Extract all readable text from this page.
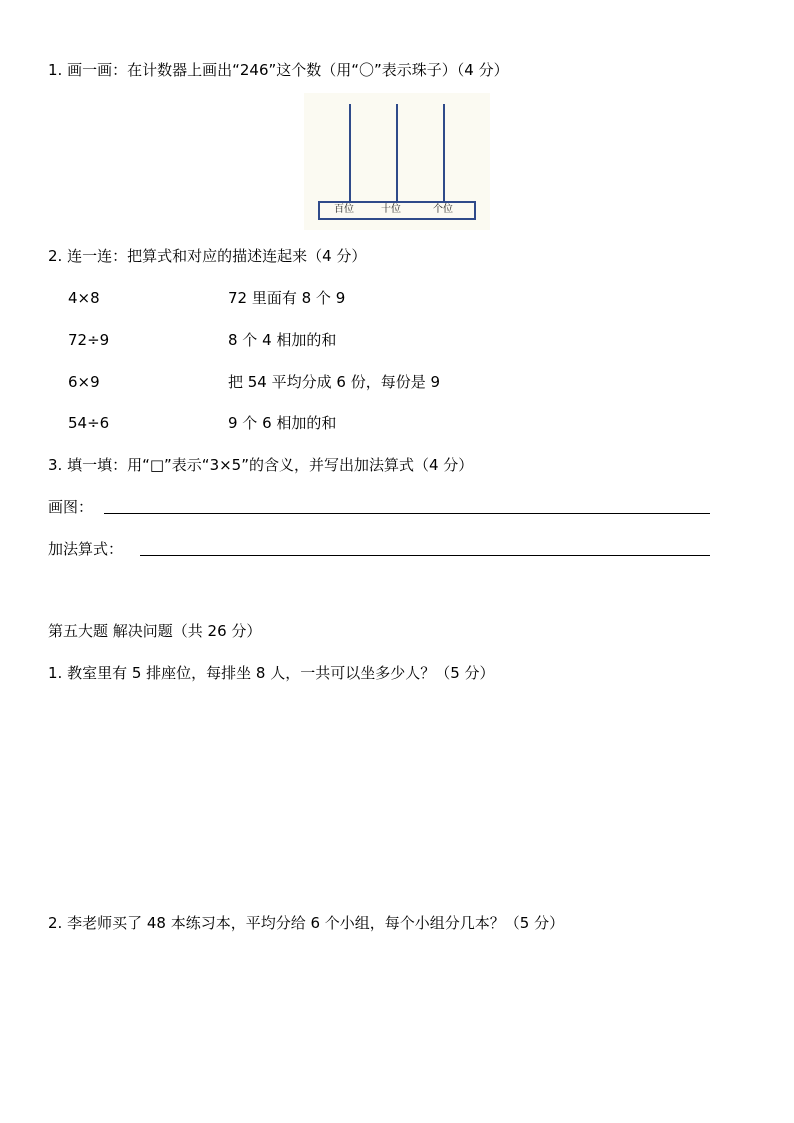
1. 画一画：在计数器上画出“246”这个数（用“〇”表示珠子）（4 分）
百位	十位	个位
2. 连一连：把算式和对应的描述连起来（4 分）
4×8
72÷9
6×9
54÷6
72 里面有 8 个 9
8 个 4 相加的和
把 54 平均分成 6 份，每份是 9
9 个 6 相加的和
3. 填一填：用“□”表示“3×5”的含义，并写出加法算式（4 分）
画图：
加法算式：
第五大题 解决问题（共 26 分）
1. 教室里有 5 排座位，每排坐 8 人，一共可以坐多少人？（5 分）
2. 李老师买了 48 本练习本，平均分给 6 个小组，每个小组分几本？（5 分）
